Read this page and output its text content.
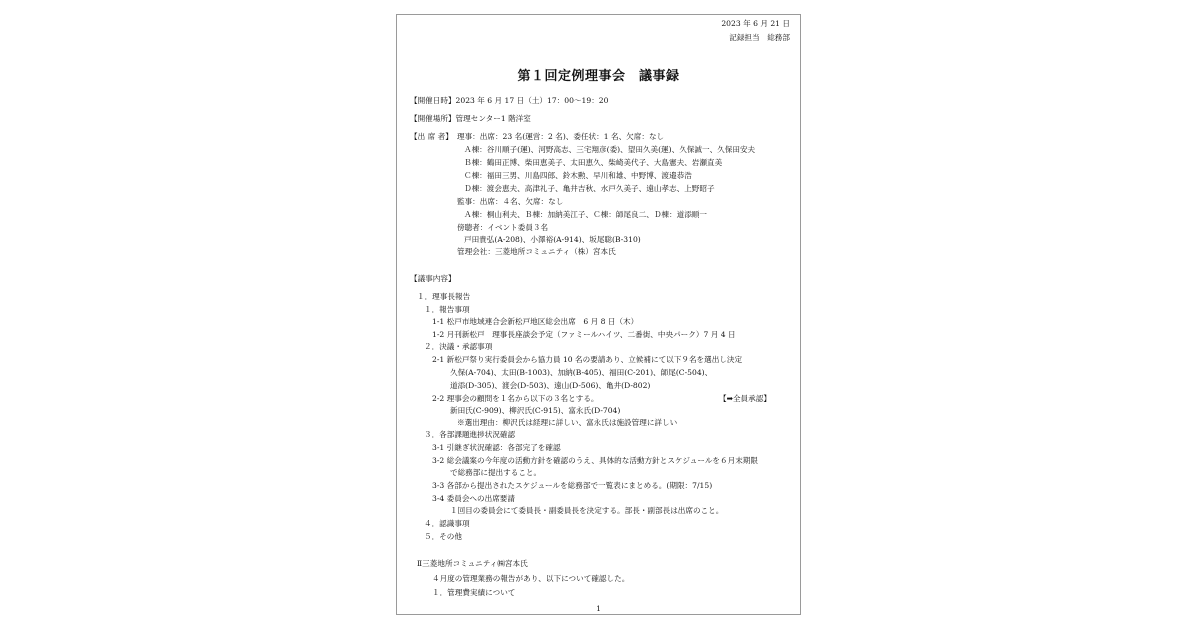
2023 年 6 月 21 日
記録担当　総務部
第１回定例理事会　議事録
【開催日時】2023 年 6 月 17 日（土）17：00～19：20
【開催場所】管理センター1 階洋室
【出 席 者】 理事：出席：23 名(運営：2 名)、委任状：1 名、欠席：なし
Ａ棟：谷川順子(運)、河野高志、三宅翔彦(委)、望田久美(運)、久保誠一、久保田安夫
Ｂ棟：鶴田正博、柴田恵美子、太田恵久、柴崎美代子、大島憲夫、岩瀬直美
Ｃ棟：福田三男、川島四郎、鈴木勲、早川和雄、中野博、渡邉恭浩
Ｄ棟：渡会恵夫、高津礼子、亀井吉秋、水戸久美子、遠山孝志、上野昭子
監事：出席：４名、欠席：なし
Ａ棟：桐山利夫、Ｂ棟：加納美江子、Ｃ棟：師尾良二、Ｄ棟：道添順一
傍聴者：イベント委員３名
戸田貴弘(A-208)、小澤裕(A-914)、坂尾聡(B-310)
管理会社：三菱地所コミュニティ（株）宮本氏
【議事内容】
１．理事長報告
１．報告事項
1-1 松戸市地域連合会新松戸地区総会出席　6 月 8 日（木）
1-2 月刊新松戸　理事長座談会予定（ファミールハイツ、二番街、中央パーク）7 月 4 日
２．決議・承認事項
2-1 新松戸祭り実行委員会から協力員 10 名の要請あり、立候補にて以下９名を選出し決定
久保(A-704)、太田(B-1003)、加納(B-405)、福田(C-201)、師尾(C-504)、
道添(D-305)、渡会(D-503)、遠山(D-506)、亀井(D-802)
2-2 理事会の顧問を１名から以下の３名とする。	【➡全員承認】
新田氏(C-909)、柳沢氏(C-915)、富永氏(D-704)
※選出理由：柳沢氏は経理に詳しい、富永氏は施設管理に詳しい
３．各部課題進捗状況確認
3-1 引継ぎ状況確認：各部完了を確認
3-2 総会議案の今年度の活動方針を確認のうえ、具体的な活動方針とスケジュールを６月末期限
で総務部に提出すること。
3-3 各部から提出されたスケジュールを総務部で一覧表にまとめる。(期限：7/15)
3-4 委員会への出席要請
１回目の委員会にて委員長・副委員長を決定する。部長・副部長は出席のこと。
４．認識事項
５．その他
Ⅱ三菱地所コミュニティ㈱宮本氏
４月度の管理業務の報告があり、以下について確認した。
１．管理費実績について
1
